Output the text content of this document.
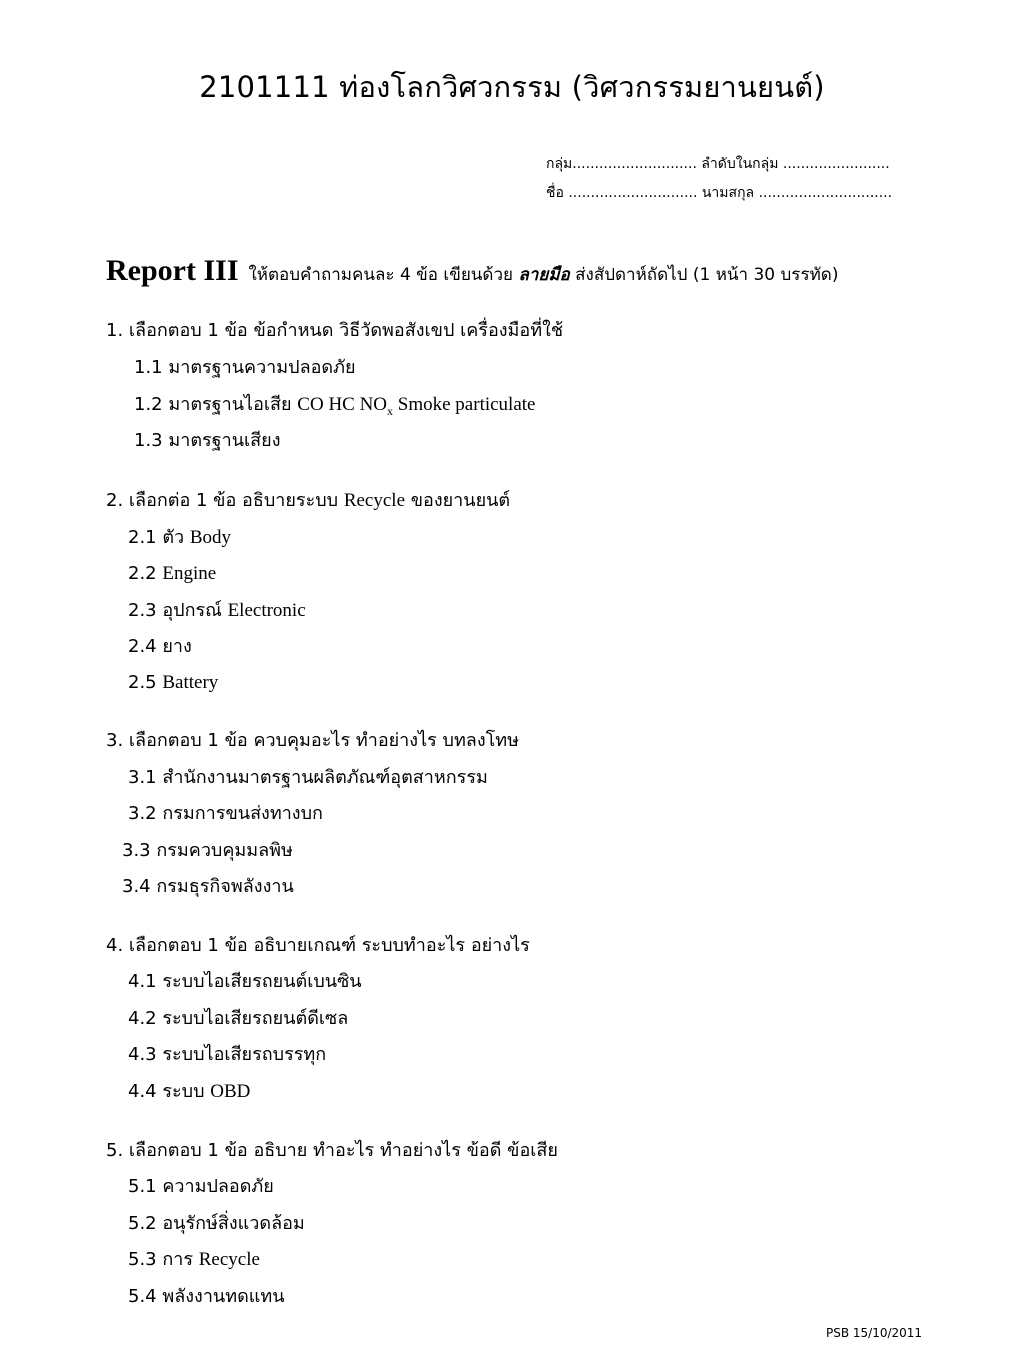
2101111 ท่องโลกวิศวกรรม (วิศวกรรมยานยนต์)
กลุ่ม............................ ลำดับในกลุ่ม ........................
ชื่อ ............................. นามสกุล ..............................
Report III ให้ตอบคำถามคนละ 4 ข้อ เขียนด้วย ลายมือ ส่งสัปดาห์ถัดไป (1 หน้า 30 บรรทัด)
1. เลือกตอบ 1 ข้อ ข้อกำหนด วิธีวัดพอสังเขป เครื่องมือที่ใช้
1.1 มาตรฐานความปลอดภัย
1.2 มาตรฐานไอเสีย CO HC $NO_x$ Smoke particulate
1.3 มาตรฐานเสียง
2. เลือกต่อ 1 ข้อ อธิบายระบบ Recycle ของยานยนต์
2.1 ตัว Body
2.2 Engine
2.3 อุปกรณ์ Electronic
2.4 ยาง
2.5 Battery
3. เลือกตอบ 1 ข้อ ควบคุมอะไร ทำอย่างไร บทลงโทษ
3.1 สำนักงานมาตรฐานผลิตภัณฑ์อุตสาหกรรม
3.2 กรมการขนส่งทางบก
3.3 กรมควบคุมมลพิษ
3.4 กรมธุรกิจพลังงาน
4. เลือกตอบ 1 ข้อ อธิบายเกณฑ์ ระบบทำอะไร อย่างไร
4.1 ระบบไอเสียรถยนต์เบนซิน
4.2 ระบบไอเสียรถยนต์ดีเซล
4.3 ระบบไอเสียรถบรรทุก
4.4 ระบบ OBD
5. เลือกตอบ 1 ข้อ อธิบาย ทำอะไร ทำอย่างไร ข้อดี ข้อเสีย
5.1 ความปลอดภัย
5.2 อนุรักษ์สิ่งแวดล้อม
5.3 การ Recycle
5.4 พลังงานทดแทน
PSB 15/10/2011
